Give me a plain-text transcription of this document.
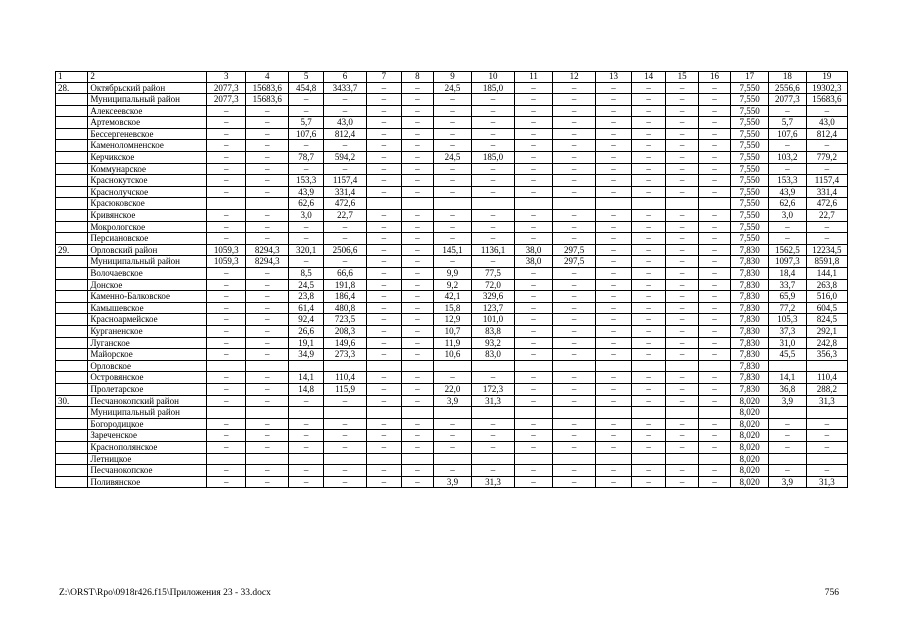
1	2	3	4	5	6	7	8	9	10	11	12	13	14	15	16	17	18	19
28.	Октябрьский район	2077,3	15683,6	454,8	3433,7	–	–	24,5	185,0	–	–	–	–	–	–	7,550	2556,6	19302,3
	Муниципальный район	2077,3	15683,6	–	–	–	–	–	–	–	–	–	–	–	–	7,550	2077,3	15683,6
	Алексеевское	–	–	–	–	–	–	–	–	–	–	–	–	–	–	7,550	–	–
	Артемовское	–	–	5,7	43,0	–	–	–	–	–	–	–	–	–	–	7,550	5,7	43,0
	Бессергеневское	–	–	107,6	812,4	–	–	–	–	–	–	–	–	–	–	7,550	107,6	812,4
	Каменоломненское	–	–	–	–	–	–	–	–	–	–	–	–	–	–	7,550	–	–
	Керчикское	–	–	78,7	594,2	–	–	24,5	185,0	–	–	–	–	–	–	7,550	103,2	779,2
	Коммунарское	–	–	–	–	–	–	–	–	–	–	–	–	–	–	7,550	–	–
	Краснокутское	–	–	153,3	1157,4	–	–	–	–	–	–	–	–	–	–	7,550	153,3	1157,4
	Краснолучское	–	–	43,9	331,4	–	–	–	–	–	–	–	–	–	–	7,550	43,9	331,4
	Красюковское			62,6	472,6											7,550	62,6	472,6
	Кривянское	–	–	3,0	22,7	–	–	–	–	–	–	–	–	–	–	7,550	3,0	22,7
	Мокрологское	–	–	–	–	–	–	–	–	–	–	–	–	–	–	7,550	–	–
	Персиановское	–	–	–	–	–	–	–	–	–	–	–	–	–	–	7,550	–	–
29.	Орловский район	1059,3	8294,3	320,1	2506,6	–	–	145,1	1136,1	38,0	297,5	–	–	–	–	7,830	1562,5	12234,5
	Муниципальный район	1059,3	8294,3	–	–	–	–	–	–	38,0	297,5	–	–	–	–	7,830	1097,3	8591,8
	Волочаевское	–	–	8,5	66,6	–	–	9,9	77,5	–	–	–	–	–	–	7,830	18,4	144,1
	Донское	–	–	24,5	191,8	–	–	9,2	72,0	–	–	–	–	–	–	7,830	33,7	263,8
	Каменно-Балковское	–	–	23,8	186,4	–	–	42,1	329,6	–	–	–	–	–	–	7,830	65,9	516,0
	Камышевское	–	–	61,4	480,8	–	–	15,8	123,7	–	–	–	–	–	–	7,830	77,2	604,5
	Красноармейское	–	–	92,4	723,5	–	–	12,9	101,0	–	–	–	–	–	–	7,830	105,3	824,5
	Курганенское	–	–	26,6	208,3	–	–	10,7	83,8	–	–	–	–	–	–	7,830	37,3	292,1
	Луганское	–	–	19,1	149,6	–	–	11,9	93,2	–	–	–	–	–	–	7,830	31,0	242,8
	Майорское	–	–	34,9	273,3	–	–	10,6	83,0	–	–	–	–	–	–	7,830	45,5	356,3
	Орловское															7,830		
	Островянское	–	–	14,1	110,4	–	–	–	–	–	–	–	–	–	–	7,830	14,1	110,4
	Пролетарское	–	–	14,8	115,9	–	–	22,0	172,3	–	–	–	–	–	–	7,830	36,8	288,2
30.	Песчанокопский район	–	–	–	–	–	–	3,9	31,3	–	–	–	–	–	–	8,020	3,9	31,3
	Муниципальный район															8,020		
	Богородицкое	–	–	–	–	–	–	–	–	–	–	–	–	–	–	8,020	–	–
	Зареченское	–	–	–	–	–	–	–	–	–	–	–	–	–	–	8,020	–	–
	Краснополянское	–	–	–	–	–	–	–	–	–	–	–	–	–	–	8,020	–	–
	Летницкое															8,020		
	Песчанокопское	–	–	–	–	–	–	–	–	–	–	–	–	–	–	8,020	–	–
	Поливянское	–	–	–	–	–	–	3,9	31,3	–	–	–	–	–	–	8,020	3,9	31,3
Z:\ORST\Rpo\0918r426.f15\Приложения 23 - 33.docx	756
